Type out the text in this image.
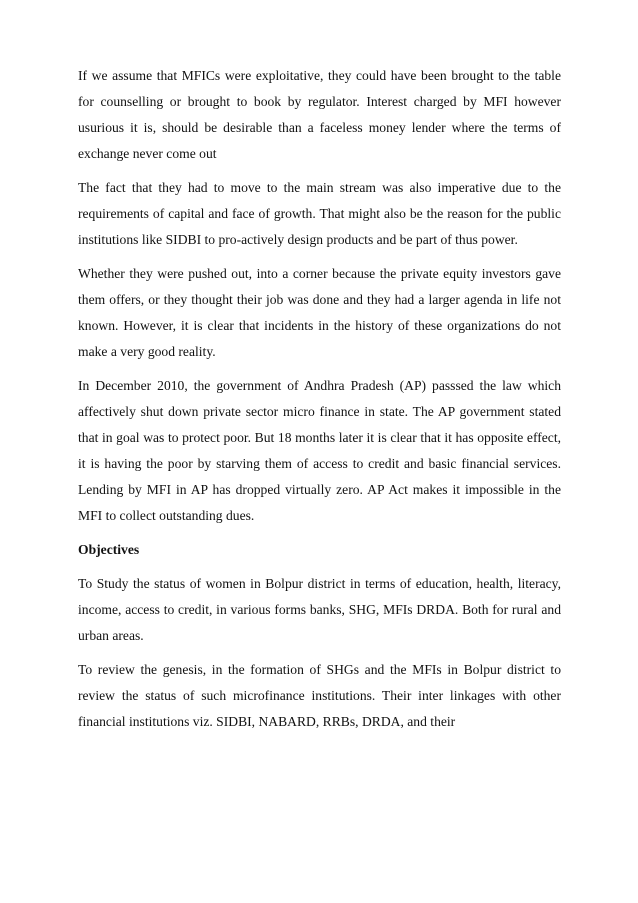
If we assume that MFICs were exploitative, they could have been brought to the table for counselling or brought to book by regulator. Interest charged by MFI however usurious it is, should be desirable than a faceless money lender where the terms of exchange never come out

The fact that they had to move to the main stream was also imperative due to the requirements of capital and face of growth. That might also be the reason for the public institutions like SIDBI to pro-actively design products and be part of thus power.

Whether they were pushed out, into a corner because the private equity investors gave them offers, or they thought their job was done and they had a larger agenda in life not known. However, it is clear that incidents in the history of these organizations do not make a very good reality.

In December 2010, the government of Andhra Pradesh (AP) passsed the law which affectively shut down private sector micro finance in state. The AP government stated that in goal was to protect poor. But 18 months later it is clear that it has opposite effect, it is having the poor by starving them of access to credit and basic financial services. Lending by MFI in AP has dropped virtually zero. AP Act makes it impossible in the MFI to collect outstanding dues.

Objectives

To Study the status of women in Bolpur district in terms of education, health, literacy, income, access to credit, in various forms banks, SHG, MFIs DRDA. Both for rural and urban areas.

To review the genesis, in the formation of SHGs and the MFIs in Bolpur district to review the status of such microfinance institutions. Their inter linkages with other financial institutions viz. SIDBI, NABARD, RRBs, DRDA, and their
